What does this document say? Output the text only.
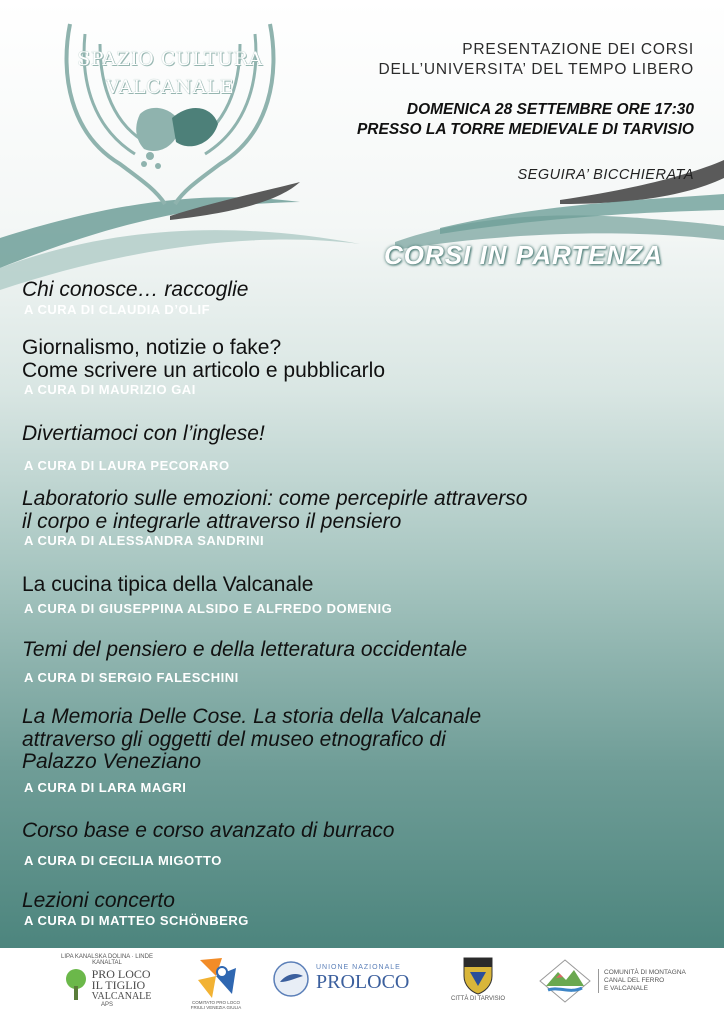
SPAZIO CULTURA
VALCANALE
PRESENTAZIONE DEI CORSI
DELL’UNIVERSITA’ DEL TEMPO LIBERO
DOMENICA 28 SETTEMBRE ORE 17:30
PRESSO LA TORRE MEDIEVALE DI TARVISIO
SEGUIRA’ BICCHIERATA
CORSI IN PARTENZA
Chi conosce… raccoglie
A CURA DI CLAUDIA D’OLIF
Giornalismo, notizie o fake?
Come scrivere un articolo e pubblicarlo
A CURA DI MAURIZIO GAI
Divertiamoci con l’inglese!
A CURA DI LAURA PECORARO
Laboratorio sulle emozioni: come percepirle attraverso
il corpo e integrarle attraverso il pensiero
A CURA DI ALESSANDRA SANDRINI
La cucina tipica della Valcanale
A CURA DI GIUSEPPINA ALSIDO E ALFREDO DOMENIG
Temi del pensiero e della letteratura occidentale
A CURA DI SERGIO FALESCHINI
La Memoria Delle Cose. La storia della Valcanale
attraverso gli oggetti del museo etnografico di
Palazzo Veneziano
A CURA DI LARA MAGRI
Corso base e corso avanzato di burraco
A CURA DI CECILIA MIGOTTO
Lezioni concerto
A CURA DI MATTEO SCHÖNBERG
LIPA KANALSKA DOLINA · LINDE KANALTAL
PRO LOCO
IL TIGLIO
VALCANALE
APS	COMITATO PRO LOCO FRIULI VENEZIA GIULIA
UNIONE NAZIONALE
PROLOCO
CITTÀ DI TARVISIO
COMUNITÀ DI MONTAGNA
CANAL DEL FERRO
E VALCANALE
